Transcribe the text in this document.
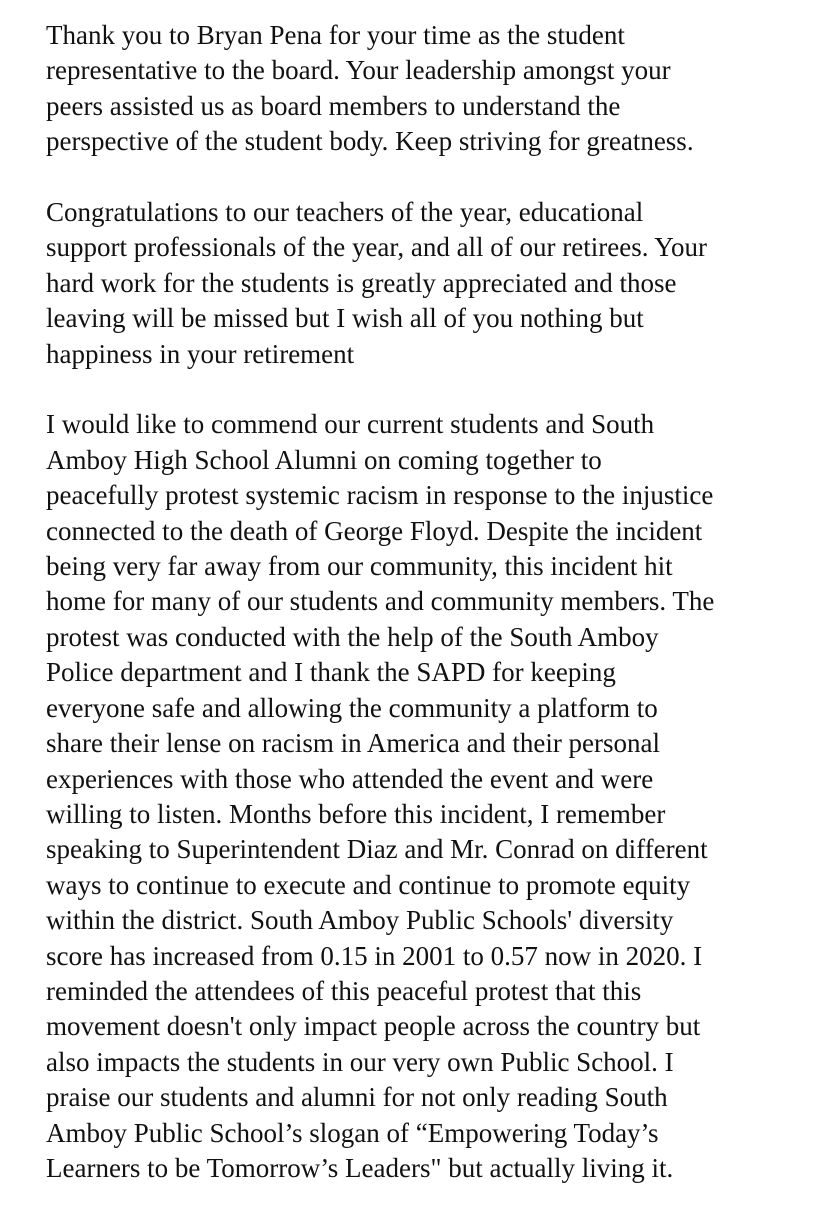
Thank you to Bryan Pena for your time as the student
representative to the board. Your leadership amongst your
peers assisted us as board members to understand the
perspective of the student body. Keep striving for greatness.

Congratulations to our teachers of the year, educational
support professionals of the year, and all of our retirees. Your
hard work for the students is greatly appreciated and those
leaving will be missed but I wish all of you nothing but
happiness in your retirement

I would like to commend our current students and South
Amboy High School Alumni on coming together to
peacefully protest systemic racism in response to the injustice
connected to the death of George Floyd. Despite the incident
being very far away from our community, this incident hit
home for many of our students and community members. The
protest was conducted with the help of the South Amboy
Police department and I thank the SAPD for keeping
everyone safe and allowing the community a platform to
share their lense on racism in America and their personal
experiences with those who attended the event and were
willing to listen. Months before this incident, I remember
speaking to Superintendent Diaz and Mr. Conrad on different
ways to continue to execute and continue to promote equity
within the district. South Amboy Public Schools' diversity
score has increased from 0.15 in 2001 to 0.57 now in 2020. I
reminded the attendees of this peaceful protest that this
movement doesn't only impact people across the country but
also impacts the students in our very own Public School. I
praise our students and alumni for not only reading South
Amboy Public School’s slogan of “Empowering Today’s
Learners to be Tomorrow’s Leaders" but actually living it.
